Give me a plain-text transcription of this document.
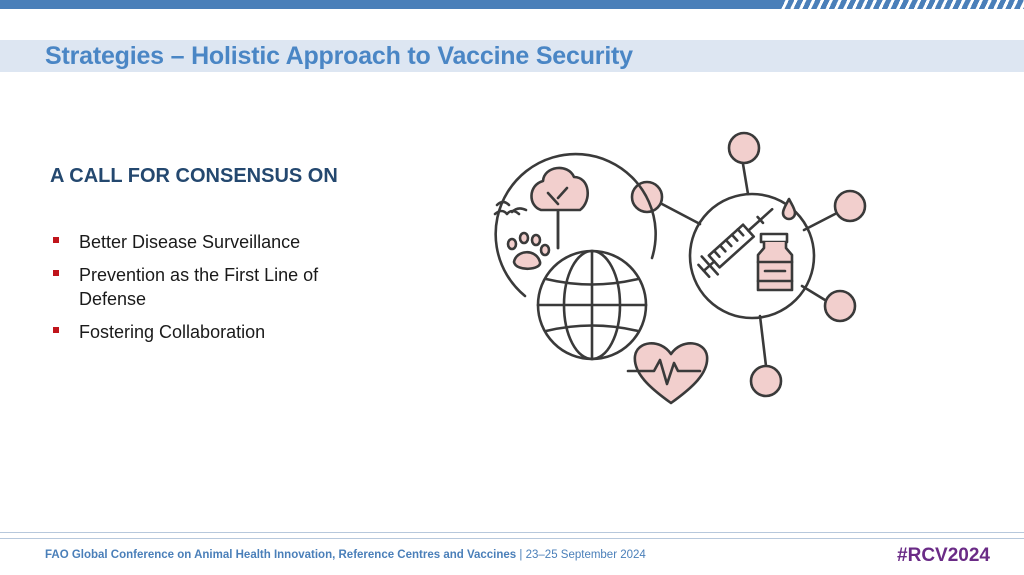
Strategies – Holistic Approach to Vaccine Security
A CALL FOR CONSENSUS ON
Better Disease Surveillance
Prevention as the First Line of Defense
Fostering Collaboration
FAO Global Conference on Animal Health Innovation, Reference Centres and Vaccines | 23–25 September 2024	#RCV2024
